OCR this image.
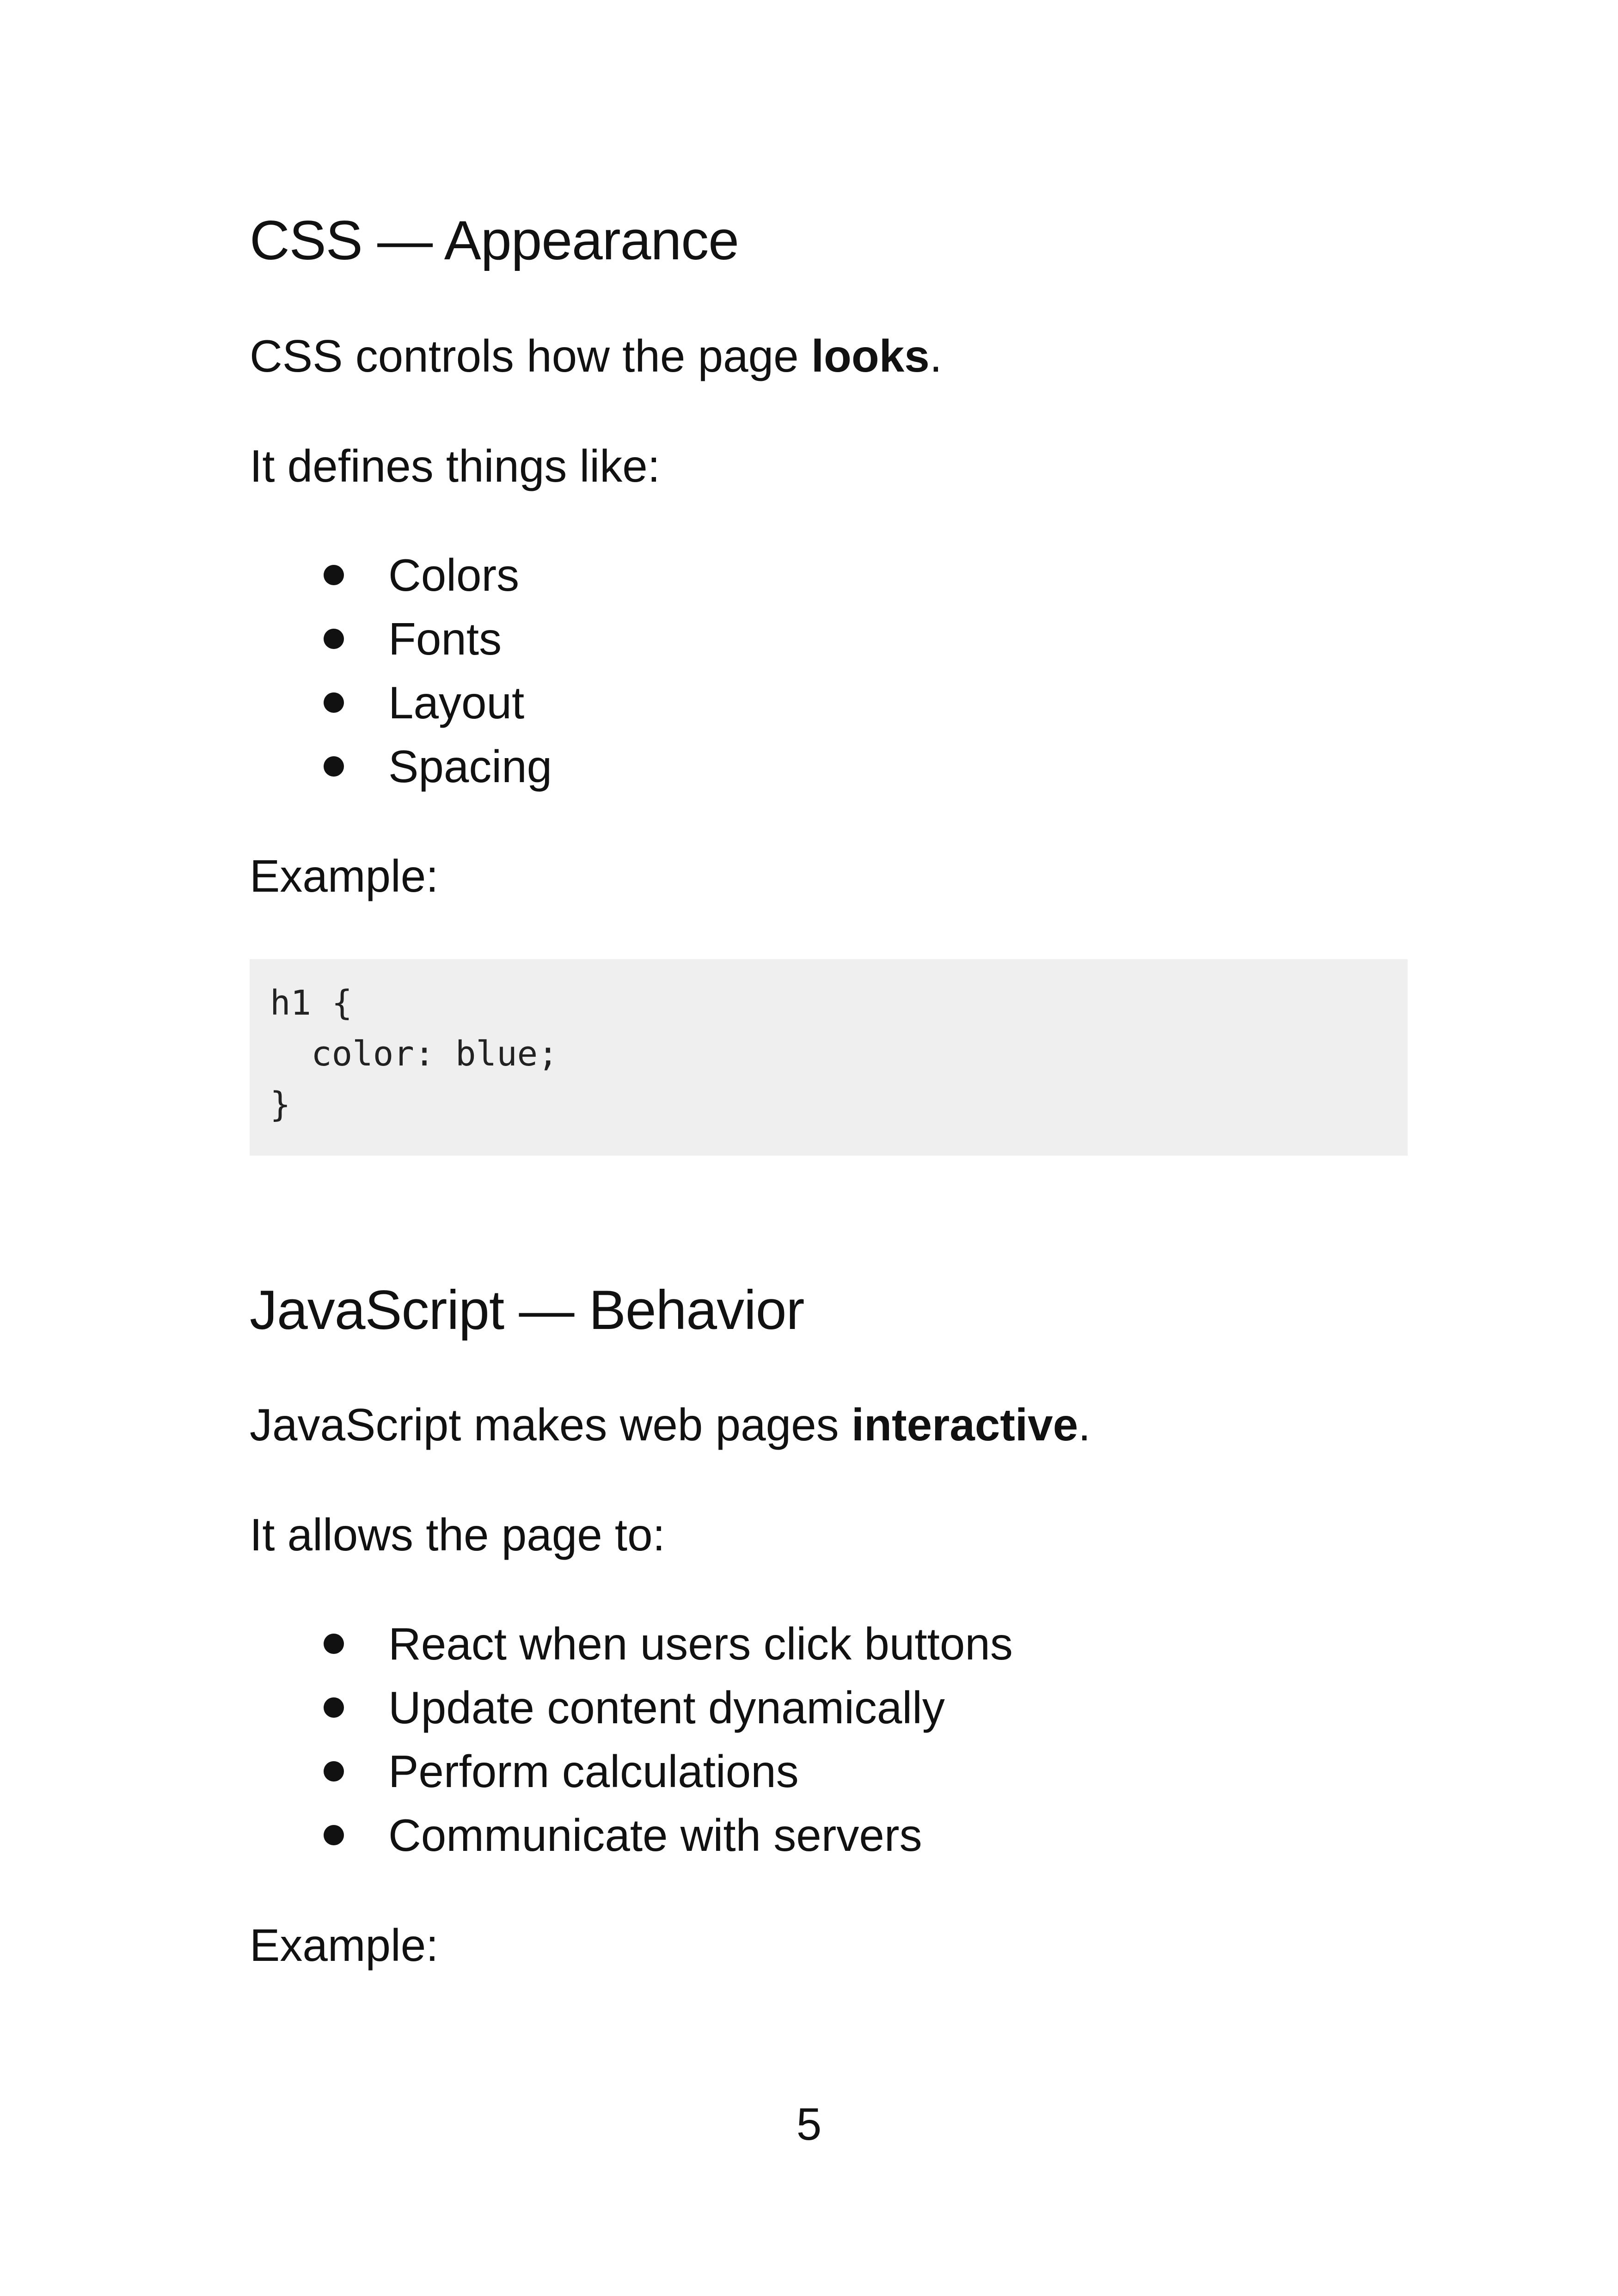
CSS — Appearance

CSS controls how the page looks.

It defines things like:

Colors
Fonts
Layout
Spacing

Example:

h1 {
color: blue;
}
JavaScript — Behavior

JavaScript makes web pages interactive.

It allows the page to:

React when users click buttons
Update content dynamically
Perform calculations
Communicate with servers

Example:

5
